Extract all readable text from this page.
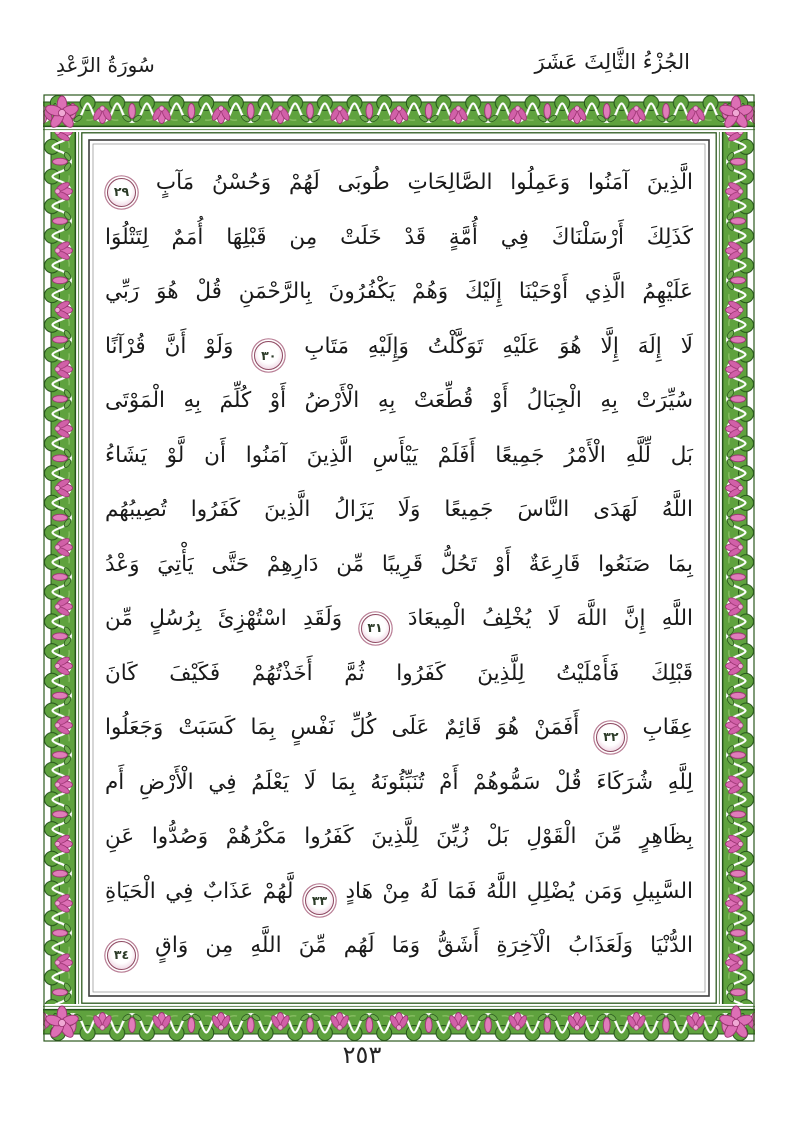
الجُزْءُ الثَّالِثَ عَشَرَ
سُورَةُ الرَّعْدِ
الَّذِينَ آمَنُوا وَعَمِلُوا الصَّالِحَاتِ طُوبَى لَهُمْ وَحُسْنُ مَآبٍ
٢٩
كَذَلِكَ أَرْسَلْنَاكَ فِي أُمَّةٍ قَدْ خَلَتْ مِن قَبْلِهَا أُمَمٌ لِتَتْلُوَا
عَلَيْهِمُ الَّذِي أَوْحَيْنَا إِلَيْكَ وَهُمْ يَكْفُرُونَ بِالرَّحْمَنِ قُلْ هُوَ رَبِّي
لَا إِلَهَ إِلَّا هُوَ عَلَيْهِ تَوَكَّلْتُ وَإِلَيْهِ مَتَابِ
٣٠
وَلَوْ أَنَّ قُرْآنًا
سُيِّرَتْ بِهِ الْجِبَالُ أَوْ قُطِّعَتْ بِهِ الْأَرْضُ أَوْ كُلِّمَ بِهِ الْمَوْتَى
بَل لِّلَّهِ الْأَمْرُ جَمِيعًا أَفَلَمْ يَيْأَسِ الَّذِينَ آمَنُوا أَن لَّوْ يَشَاءُ
اللَّهُ لَهَدَى النَّاسَ جَمِيعًا وَلَا يَزَالُ الَّذِينَ كَفَرُوا تُصِيبُهُم
بِمَا صَنَعُوا قَارِعَةٌ أَوْ تَحُلُّ قَرِيبًا مِّن دَارِهِمْ حَتَّى يَأْتِيَ وَعْدُ
اللَّهِ إِنَّ اللَّهَ لَا يُخْلِفُ الْمِيعَادَ
٣١
وَلَقَدِ اسْتُهْزِئَ بِرُسُلٍ مِّن
قَبْلِكَ فَأَمْلَيْتُ لِلَّذِينَ كَفَرُوا ثُمَّ أَخَذْتُهُمْ فَكَيْفَ كَانَ
عِقَابِ
٣٢
أَفَمَنْ هُوَ قَائِمٌ عَلَى كُلِّ نَفْسٍ بِمَا كَسَبَتْ وَجَعَلُوا
لِلَّهِ شُرَكَاءَ قُلْ سَمُّوهُمْ أَمْ تُنَبِّئُونَهُ بِمَا لَا يَعْلَمُ فِي الْأَرْضِ أَم
بِظَاهِرٍ مِّنَ الْقَوْلِ بَلْ زُيِّنَ لِلَّذِينَ كَفَرُوا مَكْرُهُمْ وَصُدُّوا عَنِ
السَّبِيلِ وَمَن يُضْلِلِ اللَّهُ فَمَا لَهُ مِنْ هَادٍ
٣٣
لَّهُمْ عَذَابٌ فِي الْحَيَاةِ
الدُّنْيَا وَلَعَذَابُ الْآخِرَةِ أَشَقُّ وَمَا لَهُم مِّنَ اللَّهِ مِن وَاقٍ
٣٤
٢٥٣
